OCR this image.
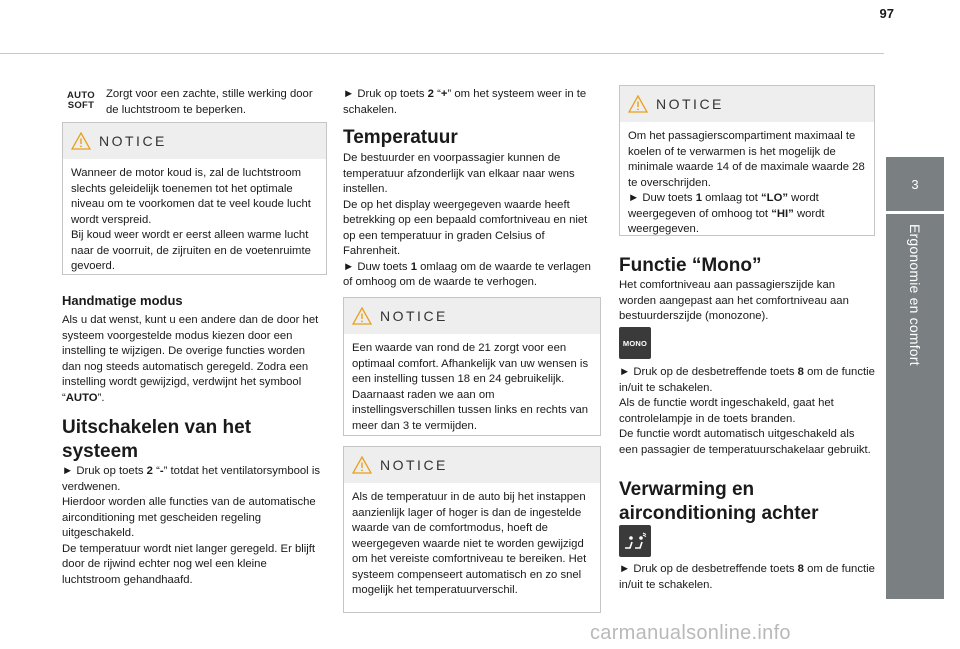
97
3
Ergonomie en comfort
AUTO
SOFT

Zorgt voor een zachte, stille werking door de luchtstroom te beperken.

NOTICE

Wanneer de motor koud is, zal de luchtstroom slechts geleidelijk toenemen tot het optimale niveau om te voorkomen dat te veel koude lucht wordt verspreid.
Bij koud weer wordt er eerst alleen warme lucht naar de voorruit, de zijruiten en de voetenruimte gevoerd.

Handmatige modus

Als u dat wenst, kunt u een andere dan de door het systeem voorgestelde modus kiezen door een instelling te wijzigen. De overige functies worden dan nog steeds automatisch geregeld. Zodra een instelling wordt gewijzigd, verdwijnt het symbool “AUTO”.

Uitschakelen van het
systeem

► Druk op toets 2 “-” totdat het ventilatorsymbool is verdwenen.

Hierdoor worden alle functies van de automatische airconditioning met gescheiden regeling uitgeschakeld.

De temperatuur wordt niet langer geregeld. Er blijft door de rijwind echter nog wel een kleine luchtstroom gehandhaafd.

► Druk op toets 2 “+” om het systeem weer in te schakelen.

Temperatuur

De bestuurder en voorpassagier kunnen de temperatuur afzonderlijk van elkaar naar wens instellen.

De op het display weergegeven waarde heeft betrekking op een bepaald comfortniveau en niet op een temperatuur in graden Celsius of Fahrenheit.

► Duw toets 1 omlaag om de waarde te verlagen of omhoog om de waarde te verhogen.

NOTICE

Een waarde van rond de 21 zorgt voor een optimaal comfort. Afhankelijk van uw wensen is een instelling tussen 18 en 24 gebruikelijk. Daarnaast raden we aan om instellingsverschillen tussen links en rechts van meer dan 3 te vermijden.

NOTICE

Als de temperatuur in de auto bij het instappen aanzienlijk lager of hoger is dan de ingestelde waarde van de comfortmodus, hoeft de weergegeven waarde niet te worden gewijzigd om het vereiste comfortniveau te bereiken. Het systeem compenseert automatisch en zo snel mogelijk het temperatuurverschil.

NOTICE

Om het passagierscompartiment maximaal te koelen of te verwarmen is het mogelijk de minimale waarde 14 of de maximale waarde 28 te overschrijden.

► Duw toets 1 omlaag tot “LO” wordt weergegeven of omhoog tot “HI” wordt weergegeven.

Functie “Mono”

Het comfortniveau aan passagierszijde kan worden aangepast aan het comfortniveau aan bestuurderszijde (monozone).

MONO

► Druk op de desbetreffende toets 8 om de functie in/uit te schakelen.

Als de functie wordt ingeschakeld, gaat het controlelampje in de toets branden.

De functie wordt automatisch uitgeschakeld als een passagier de temperatuurschakelaar gebruikt.

Verwarming en
airconditioning achter

► Druk op de desbetreffende toets 8 om de functie in/uit te schakelen.

carmanualsonline.info
